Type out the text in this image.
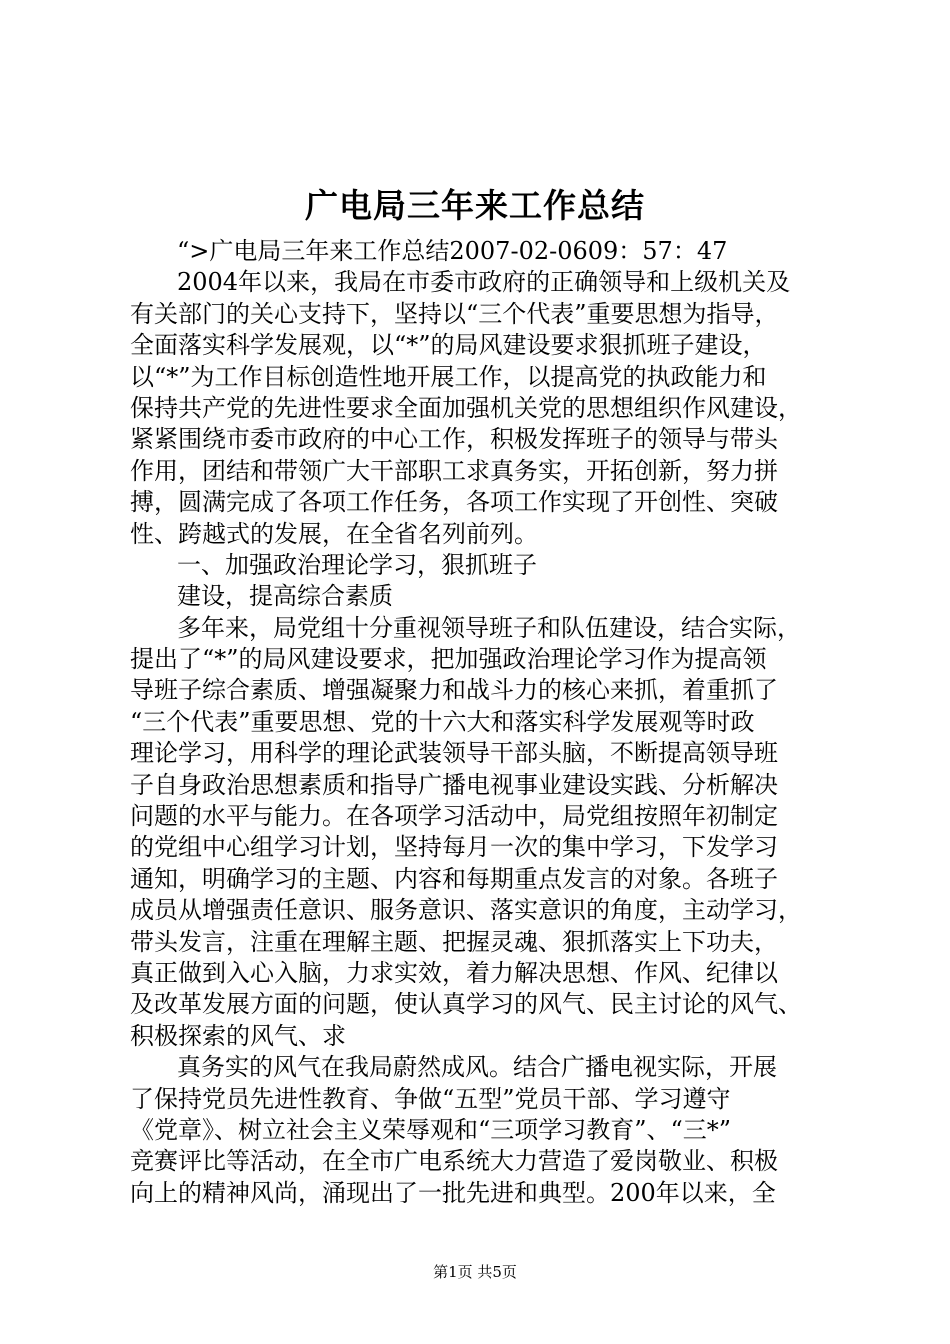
广电局三年来工作总结
“>广电局三年来工作总结2007-02-0609：57：47
2004年以来，我局在市委市政府的正确领导和上级机关及
有关部门的关心支持下，坚持以“三个代表”重要思想为指导，
全面落实科学发展观，以“*”的局风建设要求狠抓班子建设，
以“*”为工作目标创造性地开展工作，以提高党的执政能力和
保持共产党的先进性要求全面加强机关党的思想组织作风建设，
紧紧围绕市委市政府的中心工作，积极发挥班子的领导与带头
作用，团结和带领广大干部职工求真务实，开拓创新，努力拼
搏，圆满完成了各项工作任务，各项工作实现了开创性、突破
性、跨越式的发展，在全省名列前列。
一、加强政治理论学习，狠抓班子
建设，提高综合素质
多年来，局党组十分重视领导班子和队伍建设，结合实际，
提出了“*”的局风建设要求，把加强政治理论学习作为提高领
导班子综合素质、增强凝聚力和战斗力的核心来抓，着重抓了
“三个代表”重要思想、党的十六大和落实科学发展观等时政
理论学习，用科学的理论武装领导干部头脑，不断提高领导班
子自身政治思想素质和指导广播电视事业建设实践、分析解决
问题的水平与能力。在各项学习活动中，局党组按照年初制定
的党组中心组学习计划，坚持每月一次的集中学习，下发学习
通知，明确学习的主题、内容和每期重点发言的对象。各班子
成员从增强责任意识、服务意识、落实意识的角度，主动学习，
带头发言，注重在理解主题、把握灵魂、狠抓落实上下功夫，
真正做到入心入脑，力求实效，着力解决思想、作风、纪律以
及改革发展方面的问题，使认真学习的风气、民主讨论的风气、
积极探索的风气、求
真务实的风气在我局蔚然成风。结合广播电视实际，开展
了保持党员先进性教育、争做“五型”党员干部、学习遵守
《党章》、树立社会主义荣辱观和“三项学习教育”、“三*”
竞赛评比等活动，在全市广电系统大力营造了爱岗敬业、积极
向上的精神风尚，涌现出了一批先进和典型。200年以来，全
第1页 共5页
